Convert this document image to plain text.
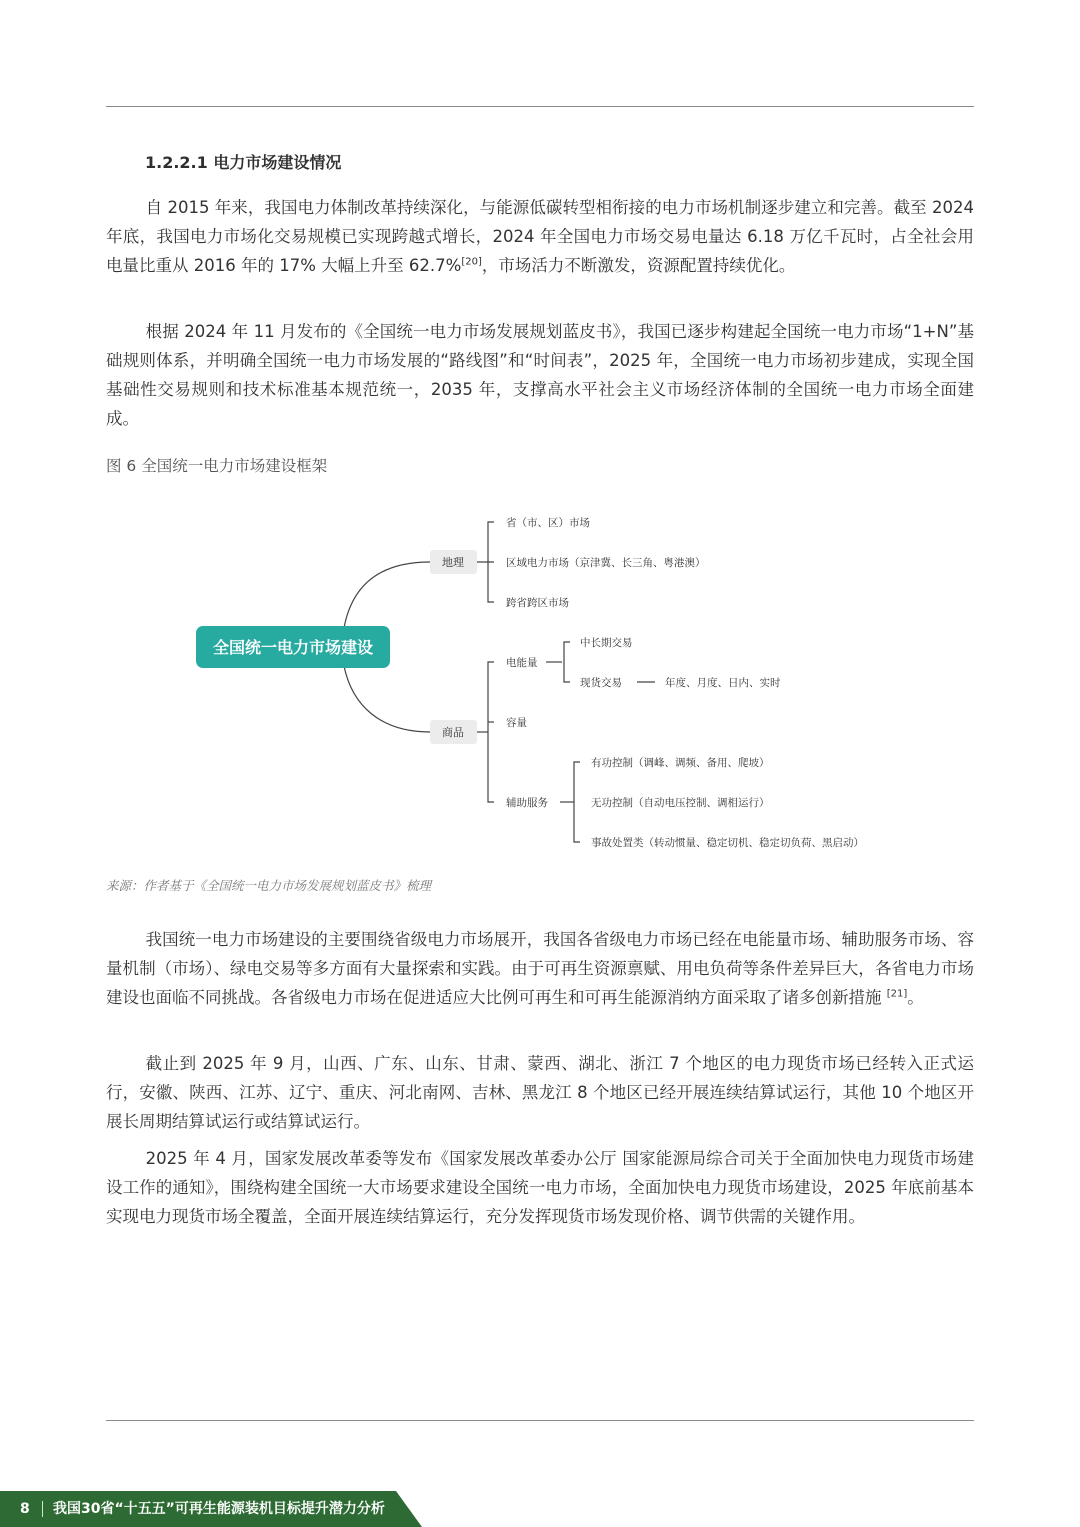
1.2.2.1 电力市场建设情况

自 2015 年来，我国电力体制改革持续深化，与能源低碳转型相衔接的电力市场机制逐步建立和完善。截至 2024 年底，我国电力市场化交易规模已实现跨越式增长，2024 年全国电力市场交易电量达 6.18 万亿千瓦时，占全社会用电量比重从 2016 年的 17% 大幅上升至 62.7%[20]，市场活力不断激发，资源配置持续优化。

根据 2024 年 11 月发布的《全国统一电力市场发展规划蓝皮书》，我国已逐步构建起全国统一电力市场“1+N”基础规则体系，并明确全国统一电力市场发展的“路线图”和“时间表”，2025 年，全国统一电力市场初步建成，实现全国基础性交易规则和技术标准基本规范统一，2035 年，支撑高水平社会主义市场经济体制的全国统一电力市场全面建成。

图 6 全国统一电力市场建设框架

全国统一电力市场建设
地理
商品
省（市、区）市场
区域电力市场（京津冀、长三角、粤港澳）
跨省跨区市场
电能量
中长期交易
现货交易	年度、月度、日内、实时
容量
辅助服务
有功控制（调峰、调频、备用、爬坡）
无功控制（自动电压控制、调相运行）
事故处置类（转动惯量、稳定切机、稳定切负荷、黑启动）

来源：作者基于《全国统一电力市场发展规划蓝皮书》梳理

我国统一电力市场建设的主要围绕省级电力市场展开，我国各省级电力市场已经在电能量市场、辅助服务市场、容量机制（市场）、绿电交易等多方面有大量探索和实践。由于可再生资源禀赋、用电负荷等条件差异巨大，各省电力市场建设也面临不同挑战。各省级电力市场在促进适应大比例可再生和可再生能源消纳方面采取了诸多创新措施 [21]。

截止到 2025 年 9 月，山西、广东、山东、甘肃、蒙西、湖北、浙江 7 个地区的电力现货市场已经转入正式运行，安徽、陕西、江苏、辽宁、重庆、河北南网、吉林、黑龙江 8 个地区已经开展连续结算试运行，其他 10 个地区开展长周期结算试运行或结算试运行。

2025 年 4 月，国家发展改革委等发布《国家发展改革委办公厅 国家能源局综合司关于全面加快电力现货市场建设工作的通知》，围绕构建全国统一大市场要求建设全国统一电力市场，全面加快电力现货市场建设，2025 年底前基本实现电力现货市场全覆盖，全面开展连续结算运行，充分发挥现货市场发现价格、调节供需的关键作用。

8 我国30省“十五五”可再生能源装机目标提升潜力分析
